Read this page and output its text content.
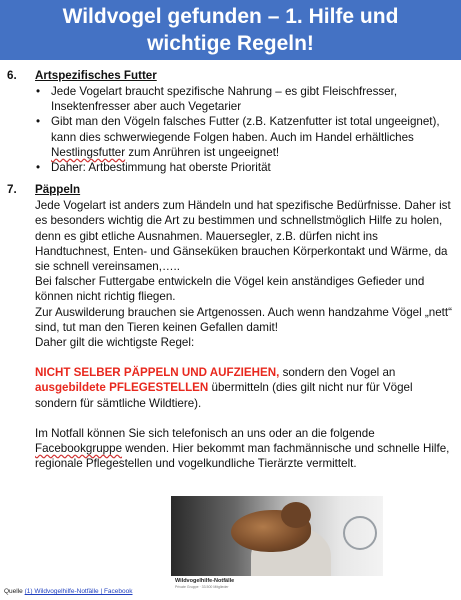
Wildvogel gefunden – 1. Hilfe und
wichtige Regeln!
6. Artspezifisches Futter
• Jede Vogelart braucht spezifische Nahrung – es gibt Fleischfresser, Insektenfresser aber auch Vegetarier
• Gibt man den Vögeln falsches Futter (z.B. Katzenfutter ist total ungeeignet), kann dies schwerwiegende Folgen haben. Auch im Handel erhältliches Nestlingsfutter zum Anrühren ist ungeeignet!
• Daher: Artbestimmung hat oberste Priorität
7. Päppeln

Jede Vogelart ist anders zum Händeln und hat spezifische Bedürfnisse. Daher ist es besonders wichtig die Art zu bestimmen und schnellstmöglich Hilfe zu holen, denn es gibt etliche Ausnahmen. Mauersegler, z.B. dürfen nicht ins Handtuchnest, Enten- und Gänseküken brauchen Körperkontakt und Wärme, da sie schnell vereinsamen,…..

Bei falscher Futtergabe entwickeln die Vögel kein anständiges Gefieder und können nicht richtig fliegen.

Zur Auswilderung brauchen sie Artgenossen. Auch wenn handzahme Vögel „nett“ sind, tut man den Tieren keinen Gefallen damit!

Daher gilt die wichtigste Regel:

NICHT SELBER PÄPPELN UND AUFZIEHEN, sondern den Vogel an ausgebildete PFLEGESTELLEN übermitteln (dies gilt nicht nur für Vögel sondern für sämtliche Wildtiere).

Im Notfall können Sie sich telefonisch an uns oder an die folgende Facebookgruppe wenden. Hier bekommt man fachmännische und schnelle Hilfe, regionale Pflegestellen und vogelkundliche Tierärzte vermittelt.

Wildvogelhilfe-Notfälle
Private Gruppe · 33.500 Mitglieder
Quelle (1) Wildvogelhilfe-Notfälle | Facebook
